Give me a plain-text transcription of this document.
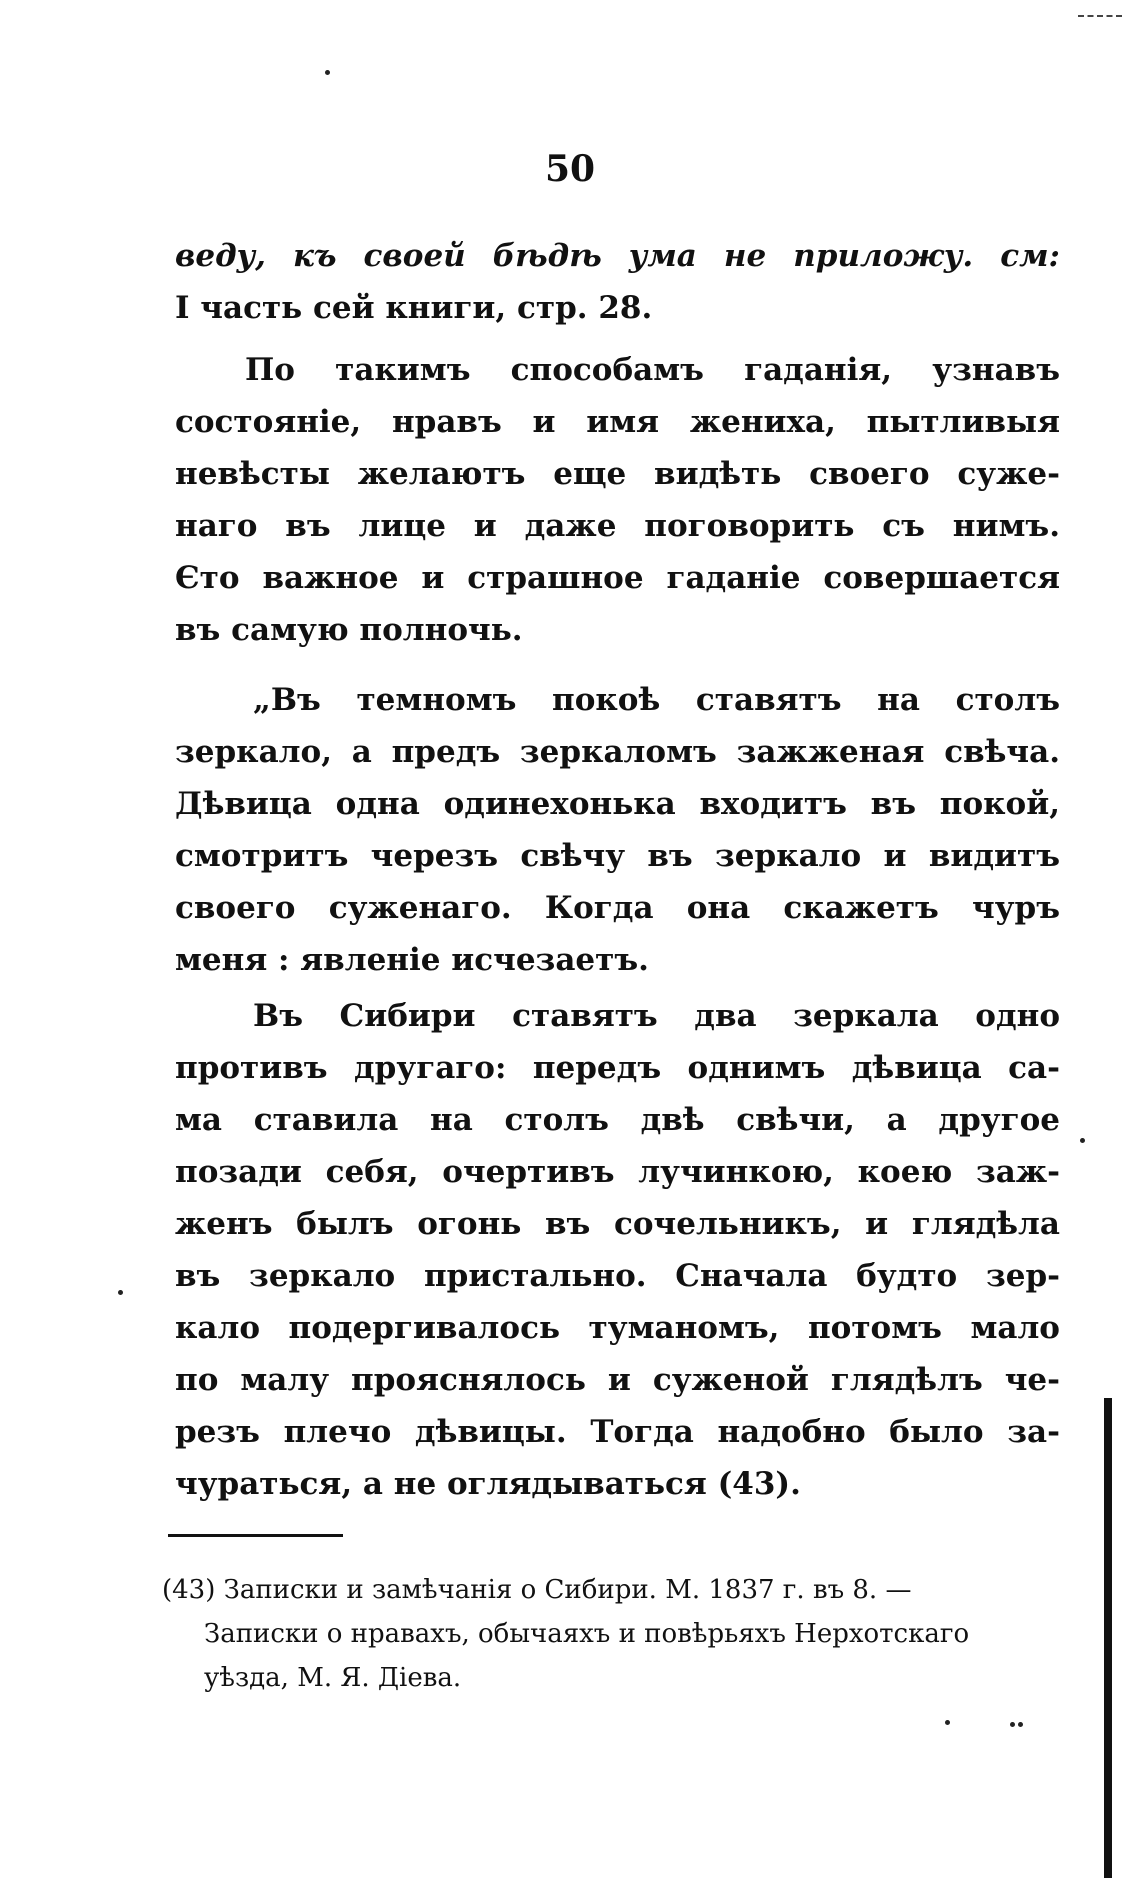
50
веду, къ своей бѣдѣ ума не приложу. см:
I часть сей книги, стр. 28.
По такимъ способамъ гаданія, узнавъ
состояніе, нравъ и имя жениха, пытливыя
невѣсты желаютъ еще видѣть своего суже-
наго въ лице и даже поговорить съ нимъ.
Єто важное и страшное гаданіе совершается
въ самую полночь.
„Въ темномъ покоѣ ставятъ на столъ
зеркало, а предъ зеркаломъ зажженая свѣча.
Дѣвица одна одинехонька входитъ въ покой,
смотритъ черезъ свѣчу въ зеркало и видитъ
своего суженаго. Когда она скажетъ чуръ
меня : явленіе исчезаетъ.
Въ Сибири ставятъ два зеркала одно
противъ другаго: передъ однимъ дѣвица са-
ма ставила на столъ двѣ свѣчи, а другое
позади себя, очертивъ лучинкою, коею заж-
женъ былъ огонь въ сочельникъ, и глядѣла
въ зеркало пристально. Сначала будто зер-
кало подергивалось туманомъ, потомъ мало
по малу прояснялось и суженой глядѣлъ че-
резъ плечо дѣвицы. Тогда надобно было за-
чураться, а не оглядываться (43).
(43) Записки и замѣчанія о Сибири. М. 1837 г. въ 8. —
Записки о нравахъ, обычаяхъ и повѣрьяхъ Нерхотскаго
уѣзда, М. Я. Діева.
